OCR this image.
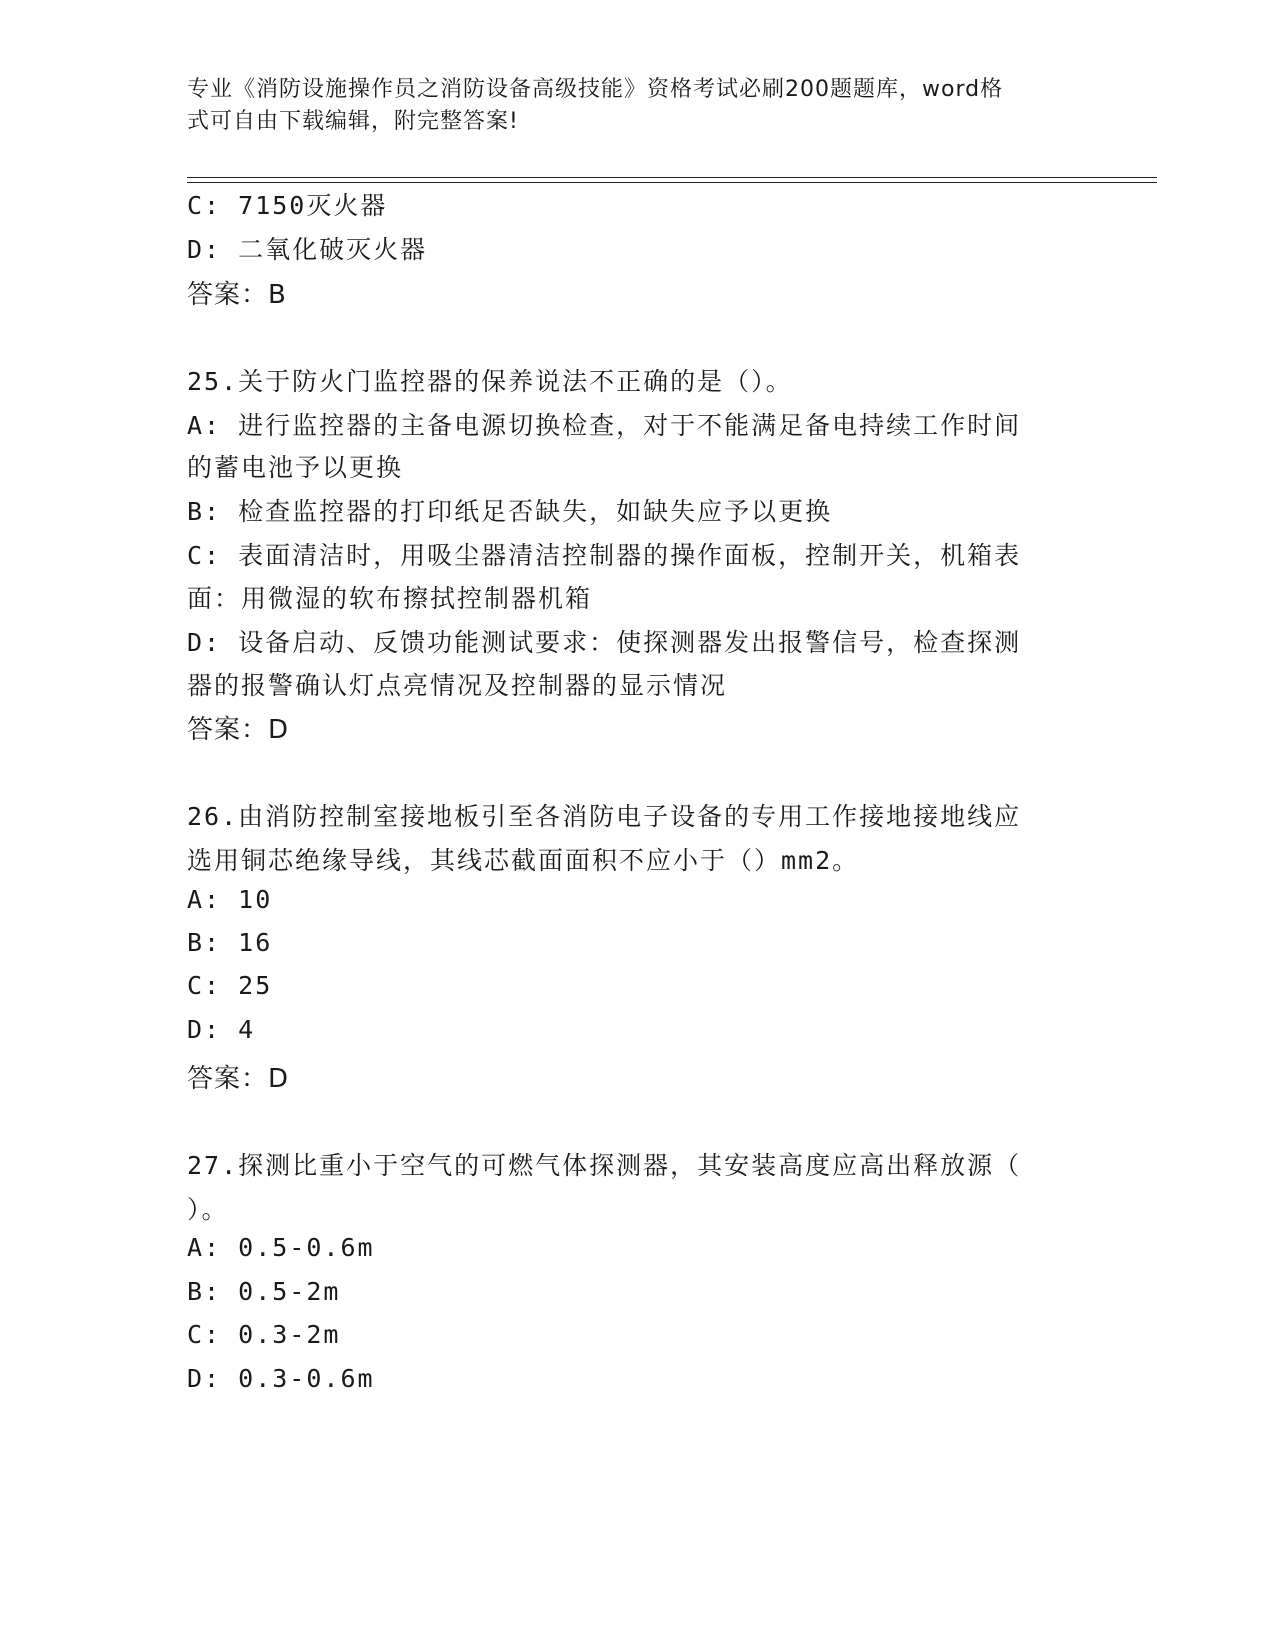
专业《消防设施操作员之消防设备高级技能》资格考试必刷200题题库，word格
式可自由下载编辑，附完整答案!
C: 7150灭火器
D: 二氧化破灭火器
答案：B
25.关于防火门监控器的保养说法不正确的是（）。
A: 进行监控器的主备电源切换检查，对于不能满足备电持续工作时间
的蓄电池予以更换
B: 检查监控器的打印纸足否缺失，如缺失应予以更换
C: 表面清洁时，用吸尘器清洁控制器的操作面板，控制开关，机箱表
面：用微湿的软布擦拭控制器机箱
D: 设备启动、反馈功能测试要求：使探测器发出报警信号，检查探测
器的报警确认灯点亮情况及控制器的显示情况
答案：D
26.由消防控制室接地板引至各消防电子设备的专用工作接地接地线应
选用铜芯绝缘导线，其线芯截面面积不应小于（）mm2。
A: 10
B: 16
C: 25
D: 4
答案：D
27.探测比重小于空气的可燃气体探测器，其安装高度应高出释放源（
）。
A: 0.5-0.6m
B: 0.5-2m
C: 0.3-2m
D: 0.3-0.6m
